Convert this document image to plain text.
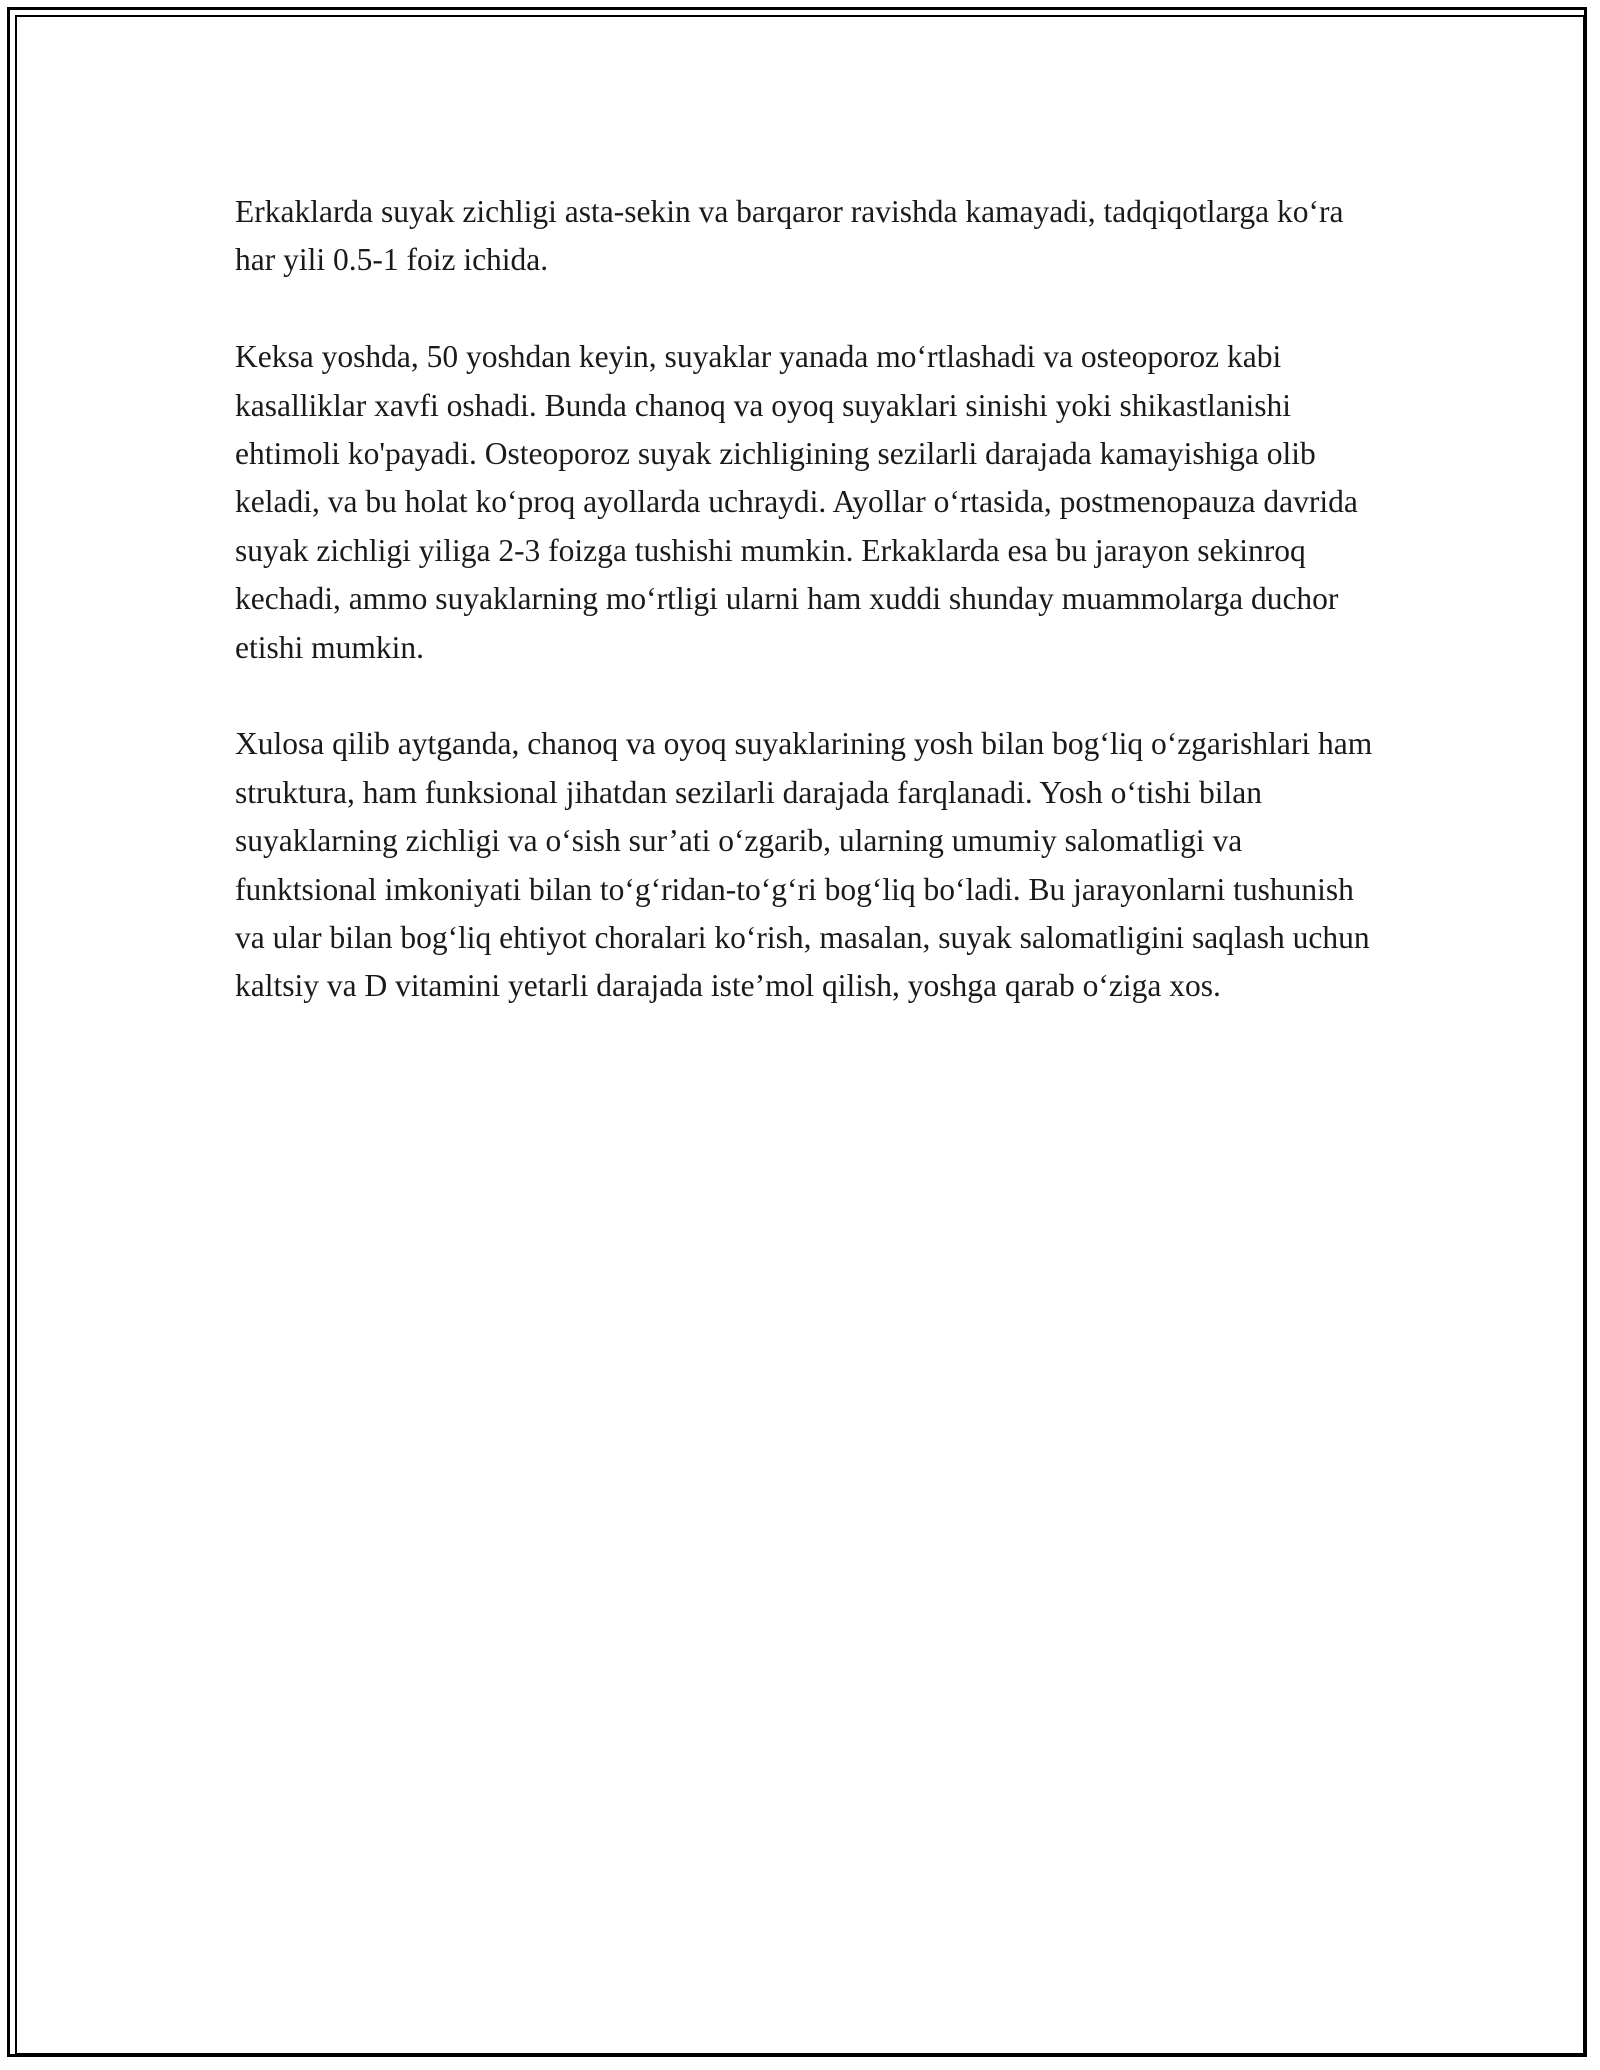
Erkaklarda suyak zichligi asta-sekin va barqaror ravishda kamayadi, tadqiqotlarga ko‘ra har yili 0.5-1 foiz ichida.

Keksa yoshda, 50 yoshdan keyin, suyaklar yanada mo‘rtlashadi va osteoporoz kabi kasalliklar xavfi oshadi. Bunda chanoq va oyoq suyaklari sinishi yoki shikastlanishi ehtimoli ko'payadi. Osteoporoz suyak zichligining sezilarli darajada kamayishiga olib keladi, va bu holat ko‘proq ayollarda uchraydi. Ayollar o‘rtasida, postmenopauza davrida suyak zichligi yiliga 2-3 foizga tushishi mumkin. Erkaklarda esa bu jarayon sekinroq kechadi, ammo suyaklarning mo‘rtligi ularni ham xuddi shunday muammolarga duchor etishi mumkin.

Xulosa qilib aytganda, chanoq va oyoq suyaklarining yosh bilan bog‘liq o‘zgarishlari ham struktura, ham funksional jihatdan sezilarli darajada farqlanadi. Yosh o‘tishi bilan suyaklarning zichligi va o‘sish sur’ati o‘zgarib, ularning umumiy salomatligi va funktsional imkoniyati bilan to‘g‘ridan-to‘g‘ri bog‘liq bo‘ladi. Bu jarayonlarni tushunish va ular bilan bog‘liq ehtiyot choralari ko‘rish, masalan, suyak salomatligini saqlash uchun kaltsiy va D vitamini yetarli darajada iste’mol qilish, yoshga qarab o‘ziga xos.
